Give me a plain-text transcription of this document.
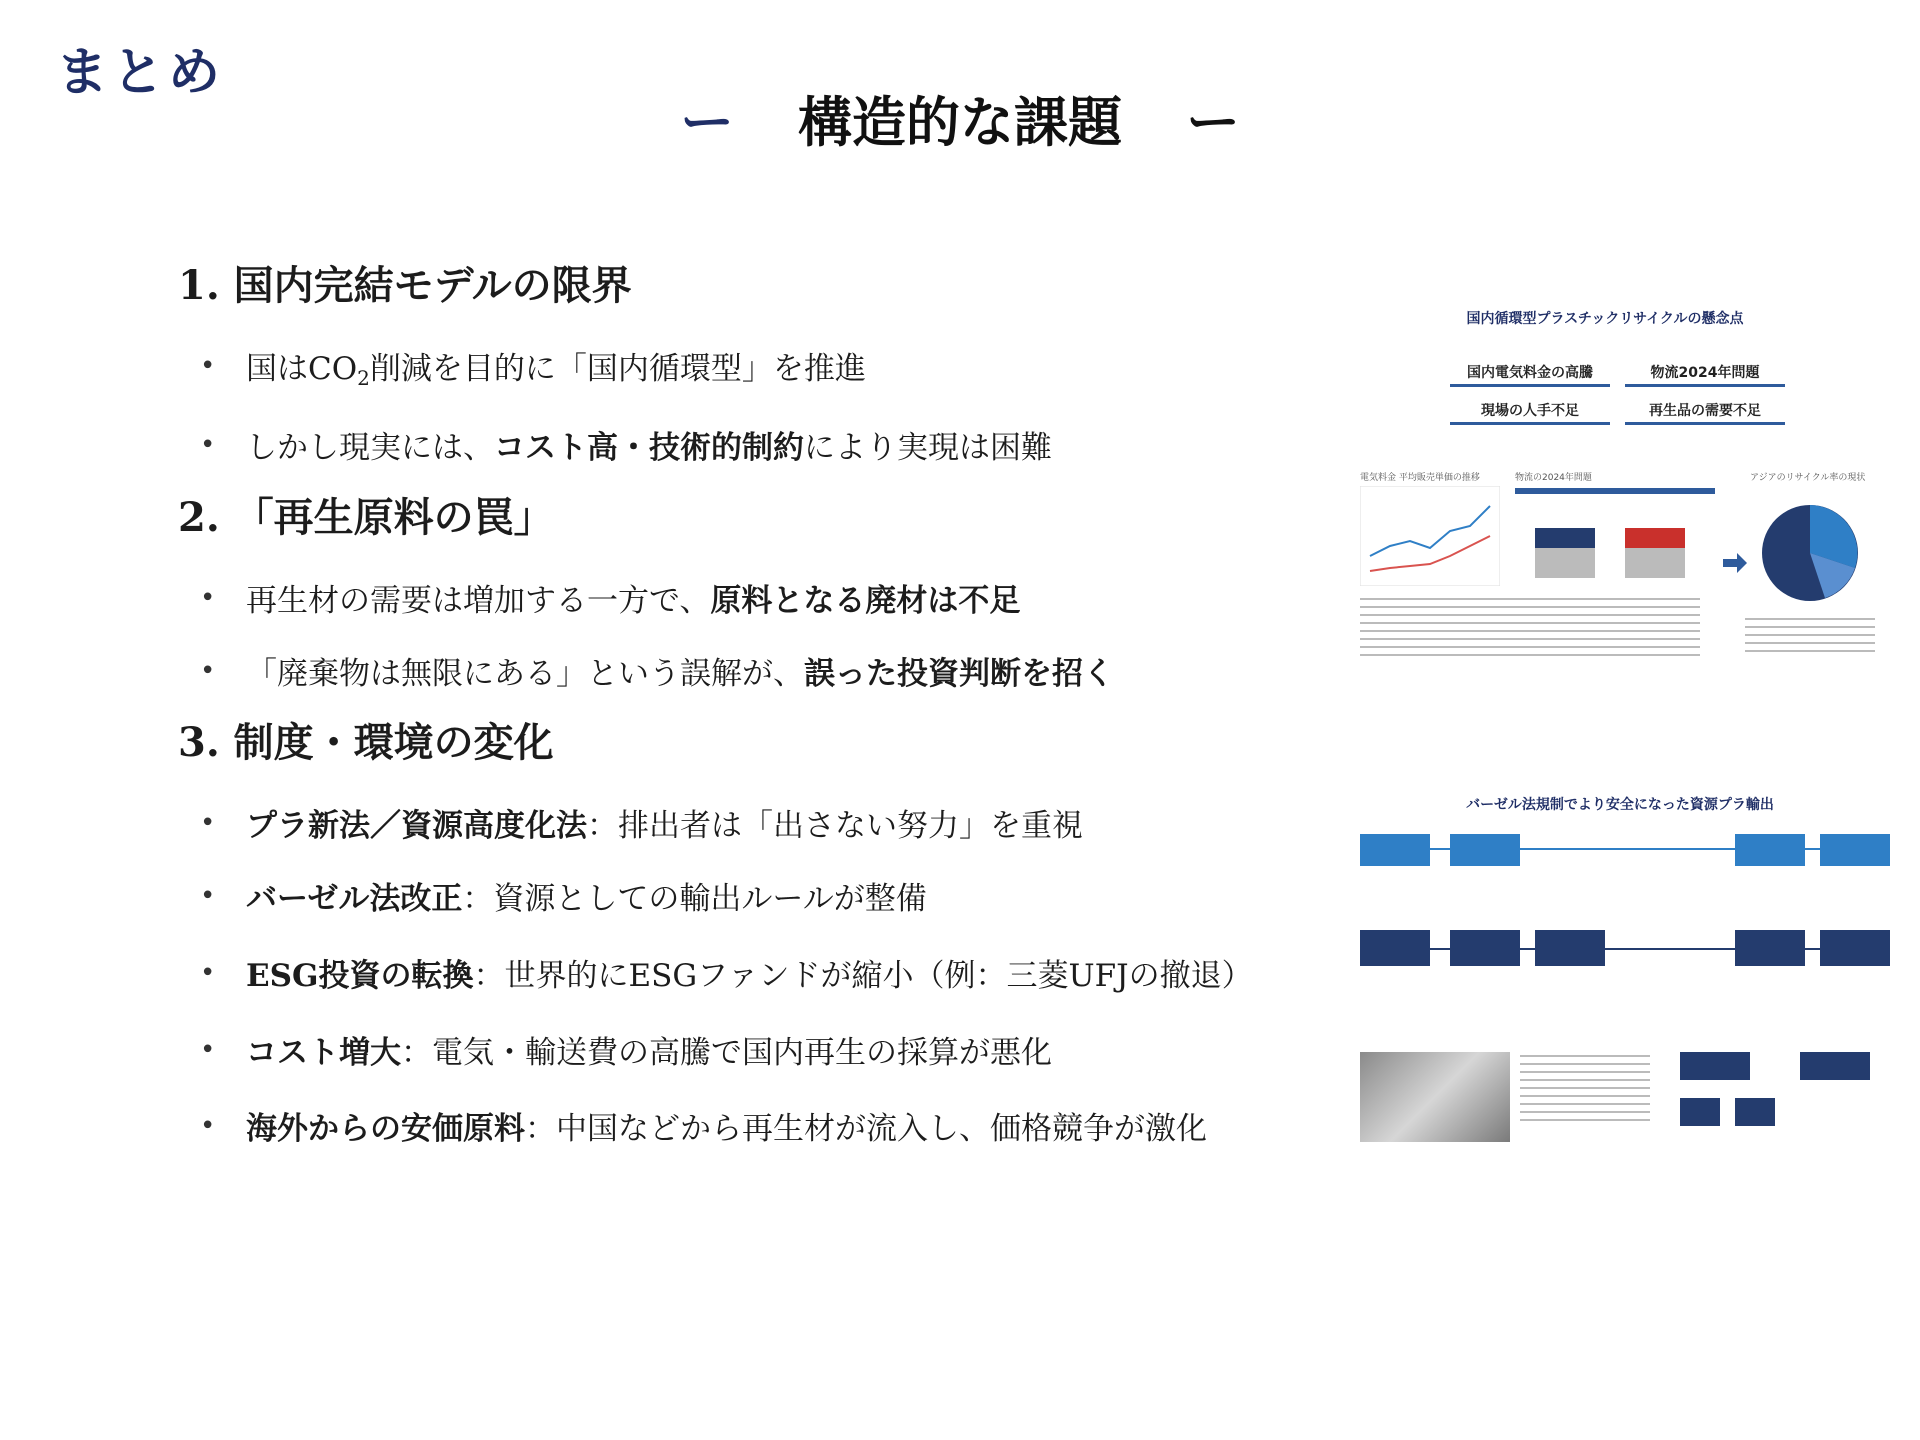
まとめ
ー 構造的な課題 ー
1. 国内完結モデルの限界
• 国は$CO_2$削減を目的に「国内循環型」を推進
• しかし現実には、コスト高・技術的制約により実現は困難
2. 「再生原料の罠」
• 再生材の需要は増加する一方で、原料となる廃材は不足
• 「廃棄物は無限にある」という誤解が、誤った投資判断を招く
3. 制度・環境の変化
• プラ新法／資源高度化法：排出者は「出さない努力」を重視
• バーゼル法改正：資源としての輸出ルールが整備
• ESG投資の転換：世界的にESGファンドが縮小（例：三菱UFJの撤退）
• コスト増大：電気・輸送費の高騰で国内再生の採算が悪化
• 海外からの安価原料：中国などから再生材が流入し、価格競争が激化
国内循環型プラスチックリサイクルの懸念点
国内電気料金の高騰	物流2024年問題
現場の人手不足	再生品の需要不足
電気料金 平均販売単価の推移	物流の2024年問題	アジアのリサイクル率の現状
バーゼル法規制でより安全になった資源プラ輸出
